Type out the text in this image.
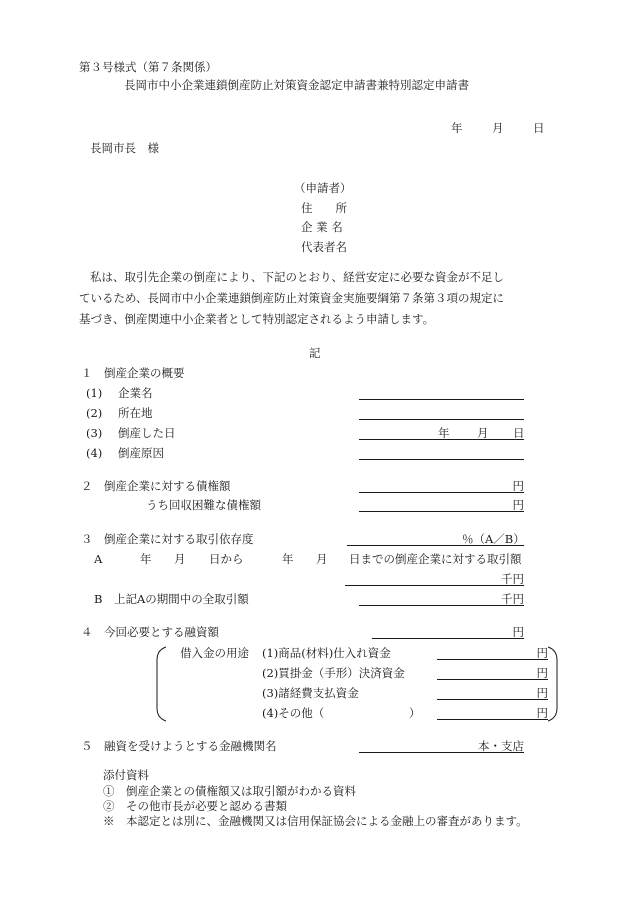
第３号様式（第７条関係）
長岡市中小企業連鎖倒産防止対策資金認定申請書兼特別認定申請書
年	月	日
長岡市長　様
（申請者）
住　　所
企 業 名
代表者名
私は、取引先企業の倒産により、下記のとおり、経営安定に必要な資金が不足し
ているため、長岡市中小企業連鎖倒産防止対策資金実施要綱第７条第３項の規定に
基づき、倒産関連中小企業者として特別認定されるよう申請します。
記
１　倒産企業の概要
(1) 企業名
(2) 所在地
(3) 倒産した日	年 月 日
(4) 倒産原因
２　倒産企業に対する債権額	円
うち回収困難な債権額	円
３　倒産企業に対する取引依存度	％（A／B）
A	年 月 日から	年 月 日までの倒産企業に対する取引額
千円
B　上記Aの期間中の全取引額	千円
４　今回必要とする融資額	円
借入金の用途 (1)商品(材料)仕入れ資金	円
(2)買掛金（手形）決済資金	円
(3)諸経費支払資金	円
(4)その他（	）	円
５　融資を受けようとする金融機関名	本・支店
添付資料
①　倒産企業との債権額又は取引額がわかる資料
②　その他市長が必要と認める書類
※　本認定とは別に、金融機関又は信用保証協会による金融上の審査があります。
